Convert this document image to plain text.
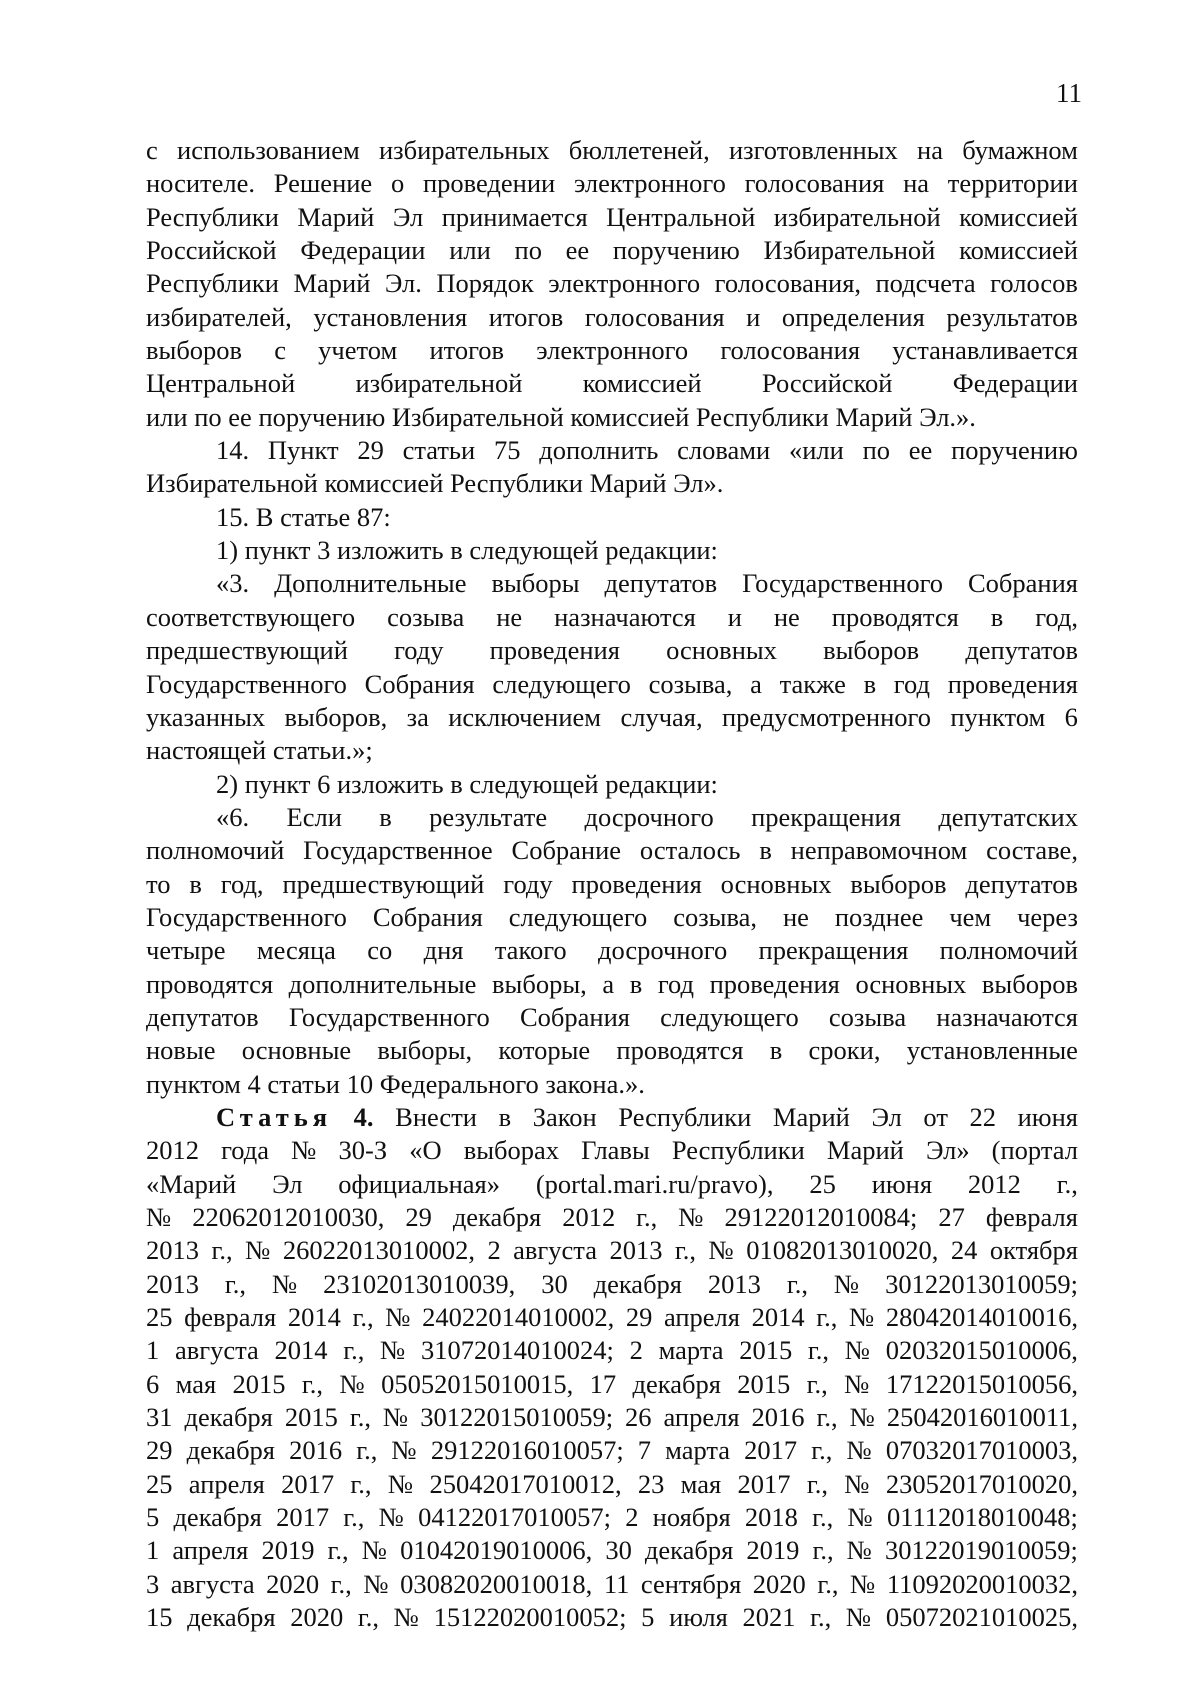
11
с использованием избирательных бюллетеней, изготовленных на бумажном
носителе. Решение о проведении электронного голосования на территории
Республики Марий Эл принимается Центральной избирательной комиссией
Российской Федерации или по ее поручению Избирательной комиссией
Республики Марий Эл. Порядок электронного голосования, подсчета голосов
избирателей, установления итогов голосования и определения результатов
выборов с учетом итогов электронного голосования устанавливается
Центральной избирательной комиссией Российской Федерации
или
по
ее
поручению
Избирательной
комиссией
Республики
Марий
Эл.».

14. Пункт 29 статьи 75 дополнить словами «или по ее поручению
Избирательной
комиссией
Республики
Марий
Эл».

15.
В
статье
87:

1)
пункт
3
изложить
в
следующей
редакции:

«3. Дополнительные выборы депутатов Государственного Собрания
соответствующего созыва не назначаются и не проводятся в год,
предшествующий году проведения основных выборов депутатов
Государственного Собрания следующего созыва, а также в год проведения
указанных выборов, за исключением случая, предусмотренного пунктом 6
настоящей
статьи.»;

2)
пункт
6
изложить
в
следующей
редакции:

«6. Если в результате досрочного прекращения депутатских
полномочий Государственное Собрание осталось в неправомочном составе,
то в год, предшествующий году проведения основных выборов депутатов
Государственного Собрания следующего созыва, не позднее чем через
четыре месяца со дня такого досрочного прекращения полномочий
проводятся дополнительные выборы, а в год проведения основных выборов
депутатов Государственного Собрания следующего созыва назначаются
новые основные выборы, которые проводятся в сроки, установленные
пунктом
4
статьи
10
Федерального
закона.».

Статья 4. Внести в Закон Республики Марий Эл от 22 июня
2012 года № 30-З «О выборах Главы Республики Марий Эл» (портал
«Марий Эл официальная» (portal.mari.ru/pravo), 25 июня 2012 г.,
№ 22062012010030, 29 декабря 2012 г., № 29122012010084; 27 февраля
2013 г., № 26022013010002, 2 августа 2013 г., № 01082013010020, 24 октября
2013 г., № 23102013010039, 30 декабря 2013 г., № 30122013010059;
25 февраля 2014 г., № 24022014010002, 29 апреля 2014 г., № 28042014010016,
1 августа 2014 г., № 31072014010024; 2 марта 2015 г., № 02032015010006,
6 мая 2015 г., № 05052015010015, 17 декабря 2015 г., № 17122015010056,
31 декабря 2015 г., № 30122015010059; 26 апреля 2016 г., № 25042016010011,
29 декабря 2016 г., № 29122016010057; 7 марта 2017 г., № 07032017010003,
25 апреля 2017 г., № 25042017010012, 23 мая 2017 г., № 23052017010020,
5 декабря 2017 г., № 04122017010057; 2 ноября 2018 г., № 01112018010048;
1 апреля 2019 г., № 01042019010006, 30 декабря 2019 г., № 30122019010059;
3 августа 2020 г., № 03082020010018, 11 сентября 2020 г., № 11092020010032,
15 декабря 2020 г., № 15122020010052; 5 июля 2021 г., № 05072021010025,
